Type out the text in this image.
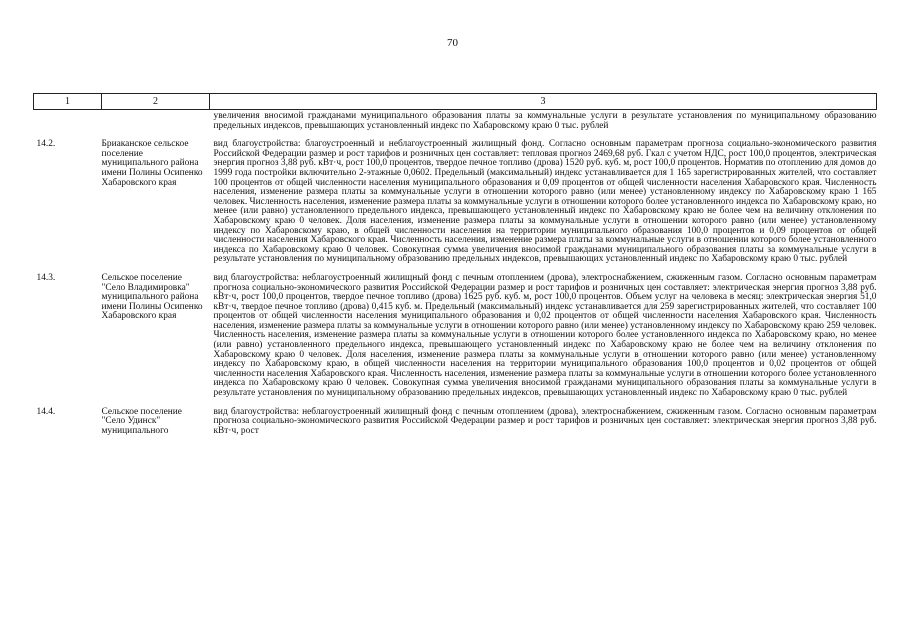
70
1	2	3
		увеличения вносимой гражданами муниципального образования платы за коммунальные услуги в результате установления по муниципальному образованию предельных индексов, превышающих установленный индекс по Хабаровскому краю 0 тыс. рублей
14.2.	Бриаканское сельское поселение муниципального района имени Полины Осипенко Хабаровского края	вид благоустройства: благоустроенный и неблагоустроенный жилищный фонд. Согласно основным параметрам прогноза социально-экономического развития Российской Федерации размер и рост тарифов и розничных цен составляет: тепловая прогноз 2469,68 руб. Гкал с учетом НДС, рост 100,0 процентов, электрическая энергия прогноз 3,88 руб. кВт·ч, рост 100,0 процентов, твердое печное топливо (дрова) 1520 руб. куб. м, рост 100,0 процентов. Норматив по отоплению для домов до 1999 года постройки включительно 2-этажные 0,0602. Предельный (максимальный) индекс устанавливается для 1 165 зарегистрированных жителей, что составляет 100 процентов от общей численности населения муниципального образования и 0,09 процентов от общей численности населения Хабаровского края. Численность населения, изменение размера платы за коммунальные услуги в отношении которого равно (или менее) установленному индексу по Хабаровскому краю 1 165 человек. Численность населения, изменение размера платы за коммунальные услуги в отношении которого более установленного индекса по Хабаровскому краю, но менее (или равно) установленного предельного индекса, превышающего установленный индекс по Хабаровскому краю не более чем на величину отклонения по Хабаровскому краю 0 человек. Доля населения, изменение размера платы за коммунальные услуги в отношении которого равно (или менее) установленному индексу по Хабаровскому краю, в общей численности населения на территории муниципального образования 100,0 процентов и 0,09 процентов от общей численности населения Хабаровского края. Численность населения, изменение размера платы за коммунальные услуги в отношении которого более установленного индекса по Хабаровскому краю 0 человек. Совокупная сумма увеличения вносимой гражданами муниципального образования платы за коммунальные услуги в результате установления по муниципальному образованию предельных индексов, превышающих установленный индекс по Хабаровскому краю 0 тыс. рублей
14.3.	Сельское поселение "Село Владимировка" муниципального района имени Полины Осипенко Хабаровского края	вид благоустройства: неблагоустроенный жилищный фонд с печным отоплением (дрова), электроснабжением, сжиженным газом. Согласно основным параметрам прогноза социально-экономического развития Российской Федерации размер и рост тарифов и розничных цен составляет: электрическая энергия прогноз 3,88 руб. кВт·ч, рост 100,0 процентов, твердое печное топливо (дрова) 1625 руб. куб. м, рост 100,0 процентов. Объем услуг на человека в месяц: электрическая энергия 51,0 кВт·ч, твердое печное топливо (дрова) 0,415 куб. м. Предельный (максимальный) индекс устанавливается для 259 зарегистрированных жителей, что составляет 100 процентов от общей численности населения муниципального образования и 0,02 процентов от общей численности населения Хабаровского края. Численность населения, изменение размера платы за коммунальные услуги в отношении которого равно (или менее) установленному индексу по Хабаровскому краю 259 человек. Численность населения, изменение размера платы за коммунальные услуги в отношении которого более установленного индекса по Хабаровскому краю, но менее (или равно) установленного предельного индекса, превышающего установленный индекс по Хабаровскому краю не более чем на величину отклонения по Хабаровскому краю 0 человек. Доля населения, изменение размера платы за коммунальные услуги в отношении которого равно (или менее) установленному индексу по Хабаровскому краю, в общей численности населения на территории муниципального образования 100,0 процентов и 0,02 процентов от общей численности населения Хабаровского края. Численность населения, изменение размера платы за коммунальные услуги в отношении которого более установленного индекса по Хабаровскому краю 0 человек. Совокупная сумма увеличения вносимой гражданами муниципального образования платы за коммунальные услуги в результате установления по муниципальному образованию предельных индексов, превышающих установленный индекс по Хабаровскому краю 0 тыс. рублей
14.4.	Сельское поселение "Село Удинск" муниципального	вид благоустройства: неблагоустроенный жилищный фонд с печным отоплением (дрова), электроснабжением, сжиженным газом. Согласно основным параметрам прогноза социально-экономического развития Российской Федерации размер и рост тарифов и розничных цен составляет: электрическая энергия прогноз 3,88 руб. кВт·ч, рост
